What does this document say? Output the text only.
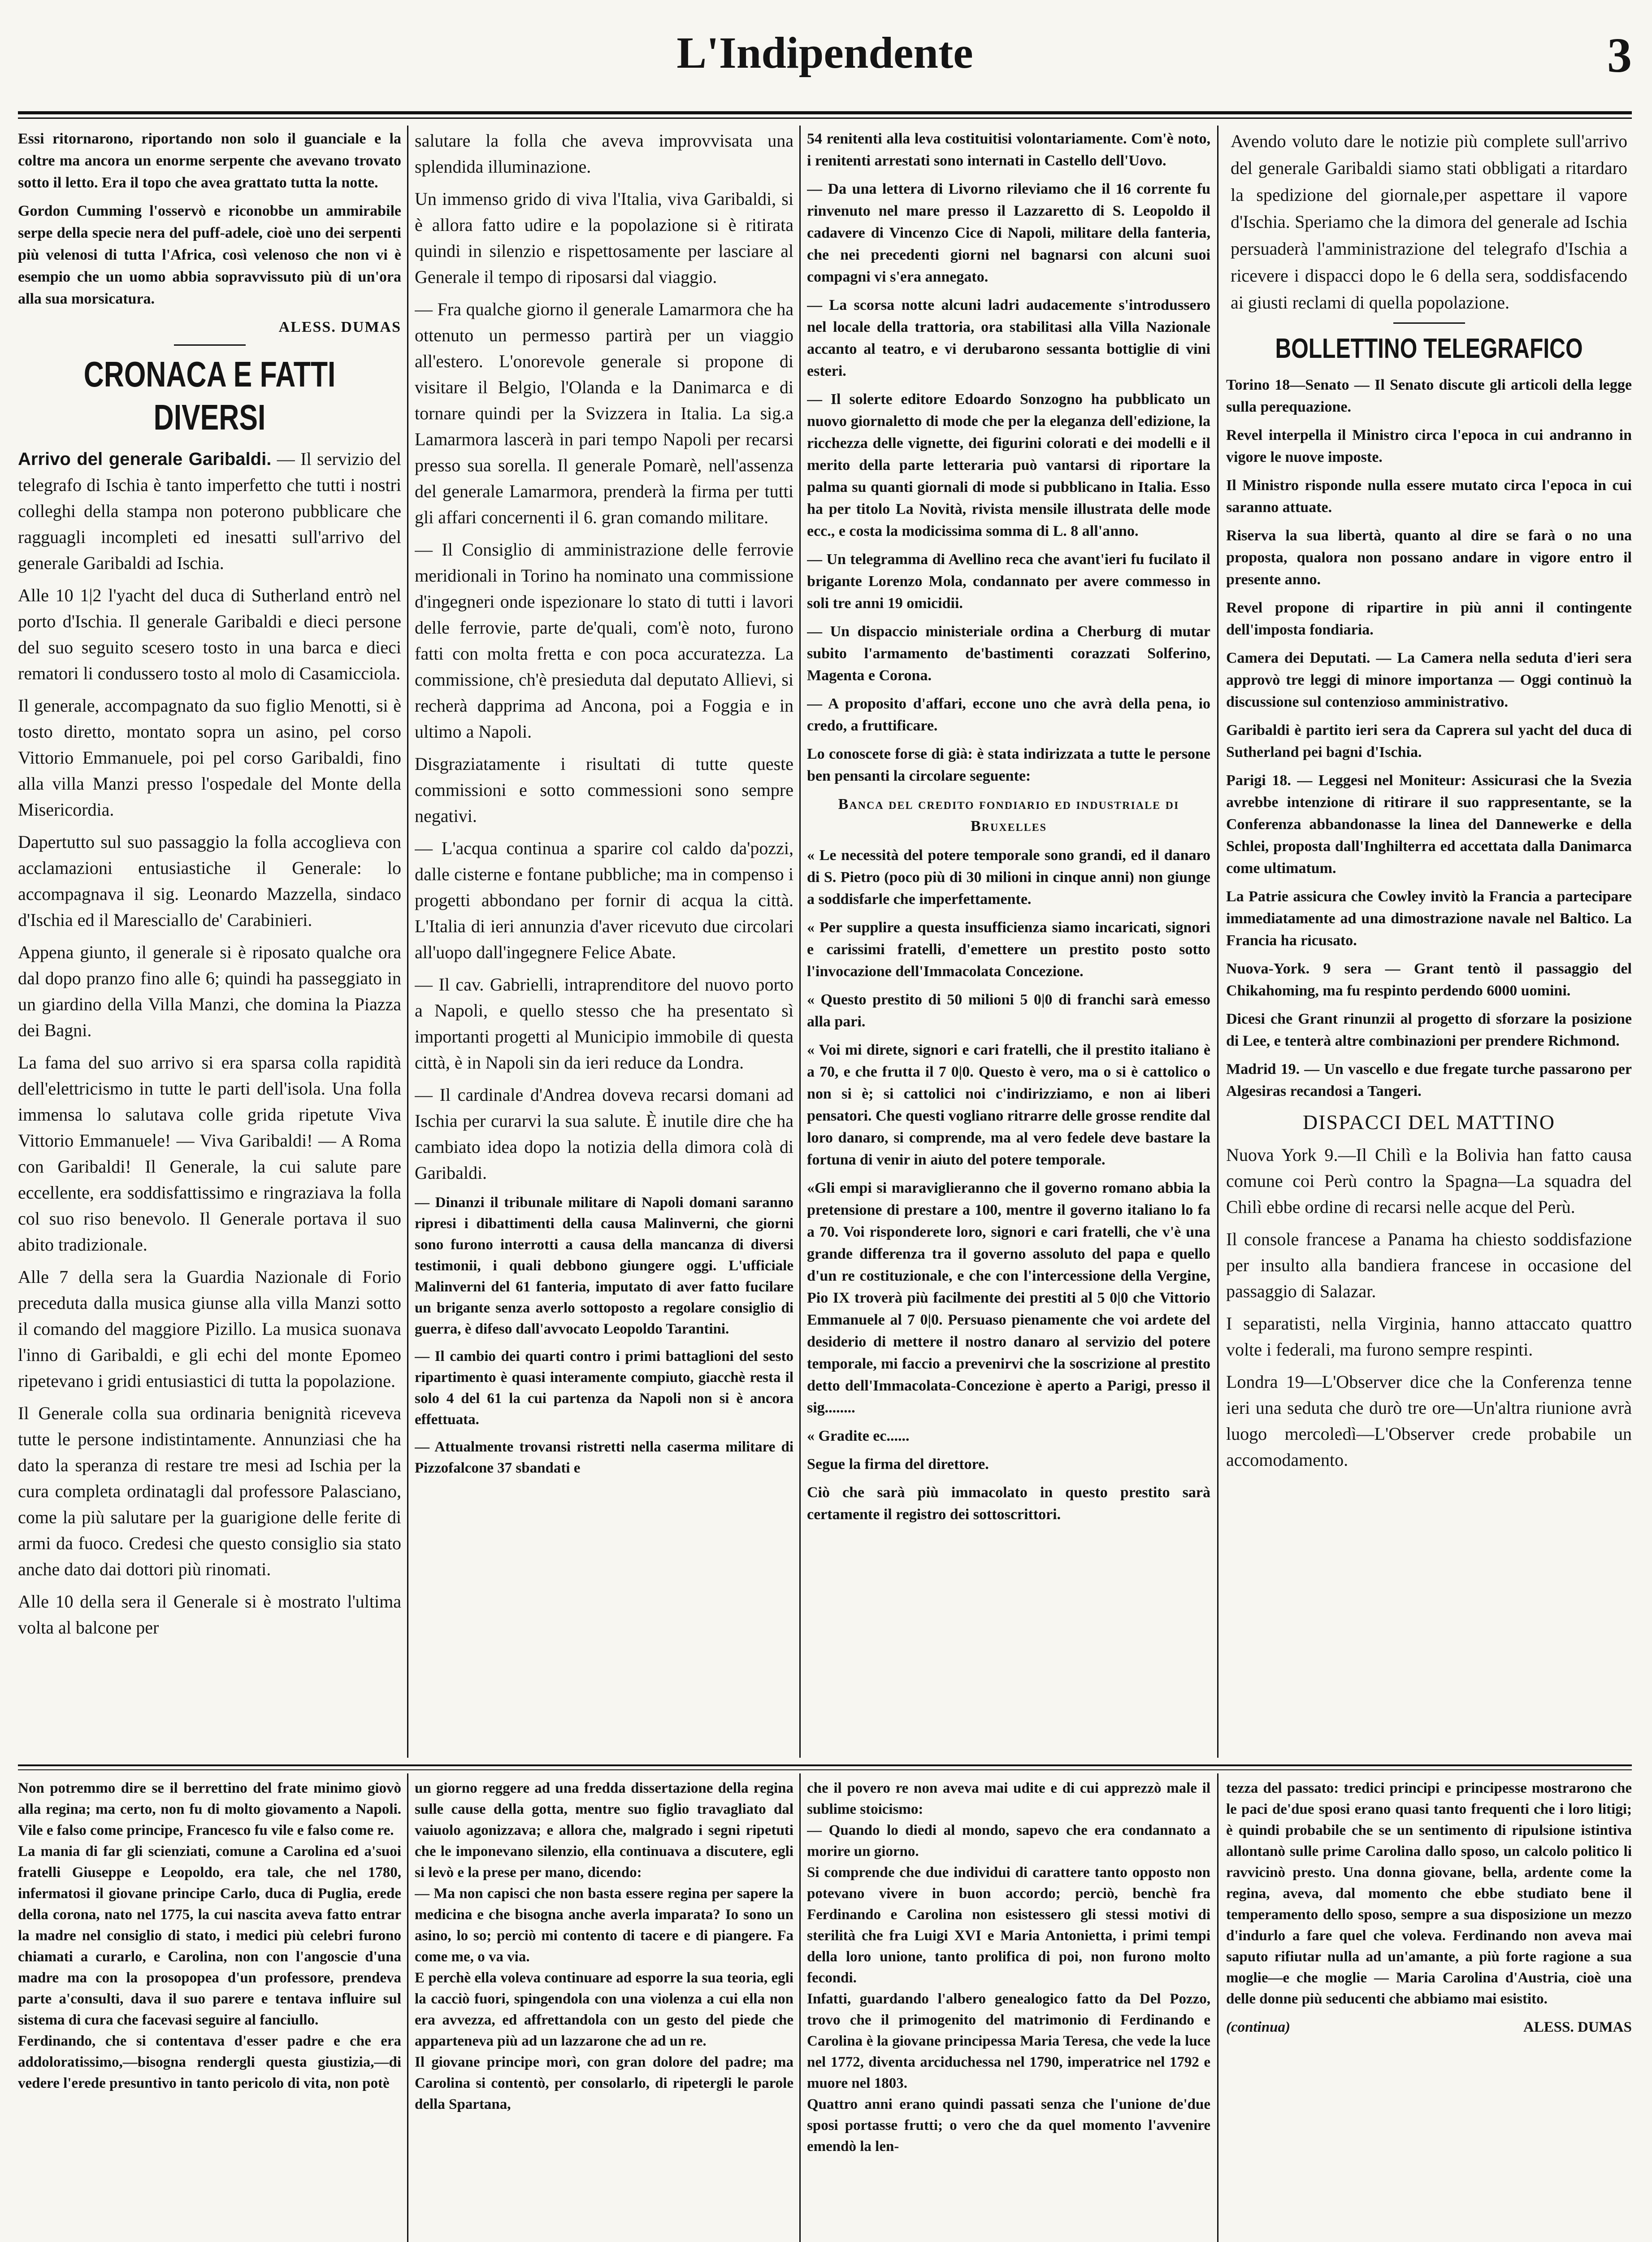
L'Indipendente	3

Essi ritornarono, riportando non solo il guanciale e la coltre ma ancora un enorme serpente che avevano trovato sotto il letto. Era il topo che avea grattato tutta la notte.

Gordon Cumming l'osservò e riconobbe un ammirabile serpe della specie nera del puff-adele, cioè uno dei serpenti più velenosi di tutta l'Africa, così velenoso che non vi è esempio che un uomo abbia sopravvissuto più di un'ora alla sua morsicatura.

ALESS. DUMAS
CRONACA E FATTI DIVERSI

Arrivo del generale Garibaldi. — Il servizio del telegrafo di Ischia è tanto imperfetto che tutti i nostri colleghi della stampa non poterono pubblicare che ragguagli incompleti ed inesatti sull'arrivo del generale Garibaldi ad Ischia.

Alle 10 1|2 l'yacht del duca di Sutherland entrò nel porto d'Ischia. Il generale Garibaldi e dieci persone del suo seguito scesero tosto in una barca e dieci rematori li condussero tosto al molo di Casamicciola.

Il generale, accompagnato da suo figlio Menotti, si è tosto diretto, montato sopra un asino, pel corso Vittorio Emmanuele, poi pel corso Garibaldi, fino alla villa Manzi presso l'ospedale del Monte della Misericordia.

Dapertutto sul suo passaggio la folla accoglieva con acclamazioni entusiastiche il Generale: lo accompagnava il sig. Leonardo Mazzella, sindaco d'Ischia ed il Maresciallo de' Carabinieri.

Appena giunto, il generale si è riposato qualche ora dal dopo pranzo fino alle 6; quindi ha passeggiato in un giardino della Villa Manzi, che domina la Piazza dei Bagni.

La fama del suo arrivo si era sparsa colla rapidità dell'elettricismo in tutte le parti dell'isola. Una folla immensa lo salutava colle grida ripetute Viva Vittorio Emmanuele! — Viva Garibaldi! — A Roma con Garibaldi! Il Generale, la cui salute pare eccellente, era soddisfattissimo e ringraziava la folla col suo riso benevolo. Il Generale portava il suo abito tradizionale.

Alle 7 della sera la Guardia Nazionale di Forio preceduta dalla musica giunse alla villa Manzi sotto il comando del maggiore Pizillo. La musica suonava l'inno di Garibaldi, e gli echi del monte Epomeo ripetevano i gridi entusiastici di tutta la popolazione.

Il Generale colla sua ordinaria benignità riceveva tutte le persone indistintamente. Annunziasi che ha dato la speranza di restare tre mesi ad Ischia per la cura completa ordinatagli dal professore Palasciano, come la più salutare per la guarigione delle ferite di armi da fuoco. Credesi che questo consiglio sia stato anche dato dai dottori più rinomati.

Alle 10 della sera il Generale si è mostrato l'ultima volta al balcone per

salutare la folla che aveva improvvisata una splendida illuminazione.

Un immenso grido di viva l'Italia, viva Garibaldi, si è allora fatto udire e la popolazione si è ritirata quindi in silenzio e rispettosamente per lasciare al Generale il tempo di riposarsi dal viaggio.

— Fra qualche giorno il generale Lamarmora che ha ottenuto un permesso partirà per un viaggio all'estero. L'onorevole generale si propone di visitare il Belgio, l'Olanda e la Danimarca e di tornare quindi per la Svizzera in Italia. La sig.a Lamarmora lascerà in pari tempo Napoli per recarsi presso sua sorella. Il generale Pomarè, nell'assenza del generale Lamarmora, prenderà la firma per tutti gli affari concernenti il 6. gran comando militare.

— Il Consiglio di amministrazione delle ferrovie meridionali in Torino ha nominato una commissione d'ingegneri onde ispezionare lo stato di tutti i lavori delle ferrovie, parte de'quali, com'è noto, furono fatti con molta fretta e con poca accuratezza. La commissione, ch'è presieduta dal deputato Allievi, si recherà dapprima ad Ancona, poi a Foggia e in ultimo a Napoli.

Disgraziatamente i risultati di tutte queste commissioni e sotto commessioni sono sempre negativi.

— L'acqua continua a sparire col caldo da'pozzi, dalle cisterne e fontane pubbliche; ma in compenso i progetti abbondano per fornir di acqua la città. L'Italia di ieri annunzia d'aver ricevuto due circolari all'uopo dall'ingegnere Felice Abate.

— Il cav. Gabrielli, intraprenditore del nuovo porto a Napoli, e quello stesso che ha presentato sì importanti progetti al Municipio immobile di questa città, è in Napoli sin da ieri reduce da Londra.

— Il cardinale d'Andrea doveva recarsi domani ad Ischia per curarvi la sua salute. È inutile dire che ha cambiato idea dopo la notizia della dimora colà di Garibaldi.

— Dinanzi il tribunale militare di Napoli domani saranno ripresi i dibattimenti della causa Malinverni, che giorni sono furono interrotti a causa della mancanza di diversi testimonii, i quali debbono giungere oggi. L'ufficiale Malinverni del 61 fanteria, imputato di aver fatto fucilare un brigante senza averlo sottoposto a regolare consiglio di guerra, è difeso dall'avvocato Leopoldo Tarantini.

— Il cambio dei quarti contro i primi battaglioni del sesto ripartimento è quasi interamente compiuto, giacchè resta il solo 4 del 61 la cui partenza da Napoli non si è ancora effettuata.

— Attualmente trovansi ristretti nella caserma militare di Pizzofalcone 37 sbandati e

54 renitenti alla leva costituitisi volontariamente. Com'è noto, i renitenti arrestati sono internati in Castello dell'Uovo.

— Da una lettera di Livorno rileviamo che il 16 corrente fu rinvenuto nel mare presso il Lazzaretto di S. Leopoldo il cadavere di Vincenzo Cice di Napoli, militare della fanteria, che nei precedenti giorni nel bagnarsi con alcuni suoi compagni vi s'era annegato.

— La scorsa notte alcuni ladri audacemente s'introdussero nel locale della trattoria, ora stabilitasi alla Villa Nazionale accanto al teatro, e vi derubarono sessanta bottiglie di vini esteri.

— Il solerte editore Edoardo Sonzogno ha pubblicato un nuovo giornaletto di mode che per la eleganza dell'edizione, la ricchezza delle vignette, dei figurini colorati e dei modelli e il merito della parte letteraria può vantarsi di riportare la palma su quanti giornali di mode si pubblicano in Italia. Esso ha per titolo La Novità, rivista mensile illustrata delle mode ecc., e costa la modicissima somma di L. 8 all'anno.

— Un telegramma di Avellino reca che avant'ieri fu fucilato il brigante Lorenzo Mola, condannato per avere commesso in soli tre anni 19 omicidii.

— Un dispaccio ministeriale ordina a Cherburg di mutar subito l'armamento de'bastimenti corazzati Solferino, Magenta e Corona.

— A proposito d'affari, eccone uno che avrà della pena, io credo, a fruttificare.

Lo conoscete forse di già: è stata indirizzata a tutte le persone ben pensanti la circolare seguente:

Banca del credito fondiario ed industriale di Bruxelles

« Le necessità del potere temporale sono grandi, ed il danaro di S. Pietro (poco più di 30 milioni in cinque anni) non giunge a soddisfarle che imperfettamente.

« Per supplire a questa insufficienza siamo incaricati, signori e carissimi fratelli, d'emettere un prestito posto sotto l'invocazione dell'Immacolata Concezione.

« Questo prestito di 50 milioni 5 0|0 di franchi sarà emesso alla pari.

« Voi mi direte, signori e cari fratelli, che il prestito italiano è a 70, e che frutta il 7 0|0. Questo è vero, ma o si è cattolico o non si è; si cattolici noi c'indirizziamo, e non ai liberi pensatori. Che questi vogliano ritrarre delle grosse rendite dal loro danaro, si comprende, ma al vero fedele deve bastare la fortuna di venir in aiuto del potere temporale.

«Gli empi si maraviglieranno che il governo romano abbia la pretensione di prestare a 100, mentre il governo italiano lo fa a 70. Voi risponderete loro, signori e cari fratelli, che v'è una grande differenza tra il governo assoluto del papa e quello d'un re costituzionale, e che con l'intercessione della Vergine, Pio IX troverà più facilmente dei prestiti al 5 0|0 che Vittorio Emmanuele al 7 0|0. Persuaso pienamente che voi ardete del desiderio di mettere il nostro danaro al servizio del potere temporale, mi faccio a prevenirvi che la soscrizione al prestito detto dell'Immacolata-Concezione è aperto a Parigi, presso il sig........

« Gradite ec......

Segue la firma del direttore.

Ciò che sarà più immacolato in questo prestito sarà certamente il registro dei sottoscrittori.

Avendo voluto dare le notizie più complete sull'arrivo del generale Garibaldi siamo stati obbligati a ritardaro la spedizione del giornale,per aspettare il vapore d'Ischia. Speriamo che la dimora del generale ad Ischia persuaderà l'amministrazione del telegrafo d'Ischia a ricevere i dispacci dopo le 6 della sera, soddisfacendo ai giusti reclami di quella popolazione.

BOLLETTINO TELEGRAFICO

Torino 18—Senato — Il Senato discute gli articoli della legge sulla perequazione.

Revel interpella il Ministro circa l'epoca in cui andranno in vigore le nuove imposte.

Il Ministro risponde nulla essere mutato circa l'epoca in cui saranno attuate.

Riserva la sua libertà, quanto al dire se farà o no una proposta, qualora non possano andare in vigore entro il presente anno.

Revel propone di ripartire in più anni il contingente dell'imposta fondiaria.

Camera dei Deputati. — La Camera nella seduta d'ieri sera approvò tre leggi di minore importanza — Oggi continuò la discussione sul contenzioso amministrativo.

Garibaldi è partito ieri sera da Caprera sul yacht del duca di Sutherland pei bagni d'Ischia.

Parigi 18. — Leggesi nel Moniteur: Assicurasi che la Svezia avrebbe intenzione di ritirare il suo rappresentante, se la Conferenza abbandonasse la linea del Dannewerke e della Schlei, proposta dall'Inghilterra ed accettata dalla Danimarca come ultimatum.

La Patrie assicura che Cowley invitò la Francia a partecipare immediatamente ad una dimostrazione navale nel Baltico. La Francia ha ricusato.

Nuova-York. 9 sera — Grant tentò il passaggio del Chikahoming, ma fu respinto perdendo 6000 uomini.

Dicesi che Grant rinunzii al progetto di sforzare la posizione di Lee, e tenterà altre combinazioni per prendere Richmond.

Madrid 19. — Un vascello e due fregate turche passarono per Algesiras recandosi a Tangeri.

DISPACCI DEL MATTINO

Nuova York 9.—Il Chilì e la Bolivia han fatto causa comune coi Perù contro la Spagna—La squadra del Chilì ebbe ordine di recarsi nelle acque del Perù.

Il console francese a Panama ha chiesto soddisfazione per insulto alla bandiera francese in occasione del passaggio di Salazar.

I separatisti, nella Virginia, hanno attaccato quattro volte i federali, ma furono sempre respinti.

Londra 19—L'Observer dice che la Conferenza tenne ieri una seduta che durò tre ore—Un'altra riunione avrà luogo mercoledì—L'Observer crede probabile un accomodamento.

Non potremmo dire se il berrettino del frate minimo giovò alla regina; ma certo, non fu di molto giovamento a Napoli. Vile e falso come principe, Francesco fu vile e falso come re.
La mania di far gli scienziati, comune a Carolina ed a'suoi fratelli Giuseppe e Leopoldo, era tale, che nel 1780, infermatosi il giovane principe Carlo, duca di Puglia, erede della corona, nato nel 1775, la cui nascita aveva fatto entrar la madre nel consiglio di stato, i medici più celebri furono chiamati a curarlo, e Carolina, non con l'angoscie d'una madre ma con la prosopopea d'un professore, prendeva parte a'consulti, dava il suo parere e tentava influire sul sistema di cura che facevasi seguire al fanciullo.
Ferdinando, che si contentava d'esser padre e che era addoloratissimo,—bisogna rendergli questa giustizia,—di vedere l'erede presuntivo in tanto pericolo di vita, non potè
un giorno reggere ad una fredda dissertazione della regina sulle cause della gotta, mentre suo figlio travagliato dal vaiuolo agonizzava; e allora che, malgrado i segni ripetuti che le imponevano silenzio, ella continuava a discutere, egli si levò e la prese per mano, dicendo:
— Ma non capisci che non basta essere regina per sapere la medicina e che bisogna anche averla imparata? Io sono un asino, lo so; perciò mi contento di tacere e di piangere. Fa come me, o va via.
E perchè ella voleva continuare ad esporre la sua teoria, egli la cacciò fuori, spingendola con una violenza a cui ella non era avvezza, ed affrettandola con un gesto del piede che apparteneva più ad un lazzarone che ad un re.
Il giovane principe morì, con gran dolore del padre; ma Carolina si contentò, per consolarlo, di ripetergli le parole della Spartana,
che il povero re non aveva mai udite e di cui apprezzò male il sublime stoicismo:
— Quando lo diedi al mondo, sapevo che era condannato a morire un giorno.
Si comprende che due individui di carattere tanto opposto non potevano vivere in buon accordo; perciò, benchè fra Ferdinando e Carolina non esistessero gli stessi motivi di sterilità che fra Luigi XVI e Maria Antonietta, i primi tempi della loro unione, tanto prolifica di poi, non furono molto fecondi.
Infatti, guardando l'albero genealogico fatto da Del Pozzo, trovo che il primogenito del matrimonio di Ferdinando e Carolina è la giovane principessa Maria Teresa, che vede la luce nel 1772, diventa arciduchessa nel 1790, imperatrice nel 1792 e muore nel 1803.
Quattro anni erano quindi passati senza che l'unione de'due sposi portasse frutti; o vero che da quel momento l'avvenire emendò la len-
tezza del passato: tredici principi e principesse mostrarono che le paci de'due sposi erano quasi tanto frequenti che i loro litigi; è quindi probabile che se un sentimento di ripulsione istintiva allontanò sulle prime Carolina dallo sposo, un calcolo politico li ravvicinò presto. Una donna giovane, bella, ardente come la regina, aveva, dal momento che ebbe studiato bene il temperamento dello sposo, sempre a sua disposizione un mezzo d'indurlo a fare quel che voleva. Ferdinando non aveva mai saputo rifiutar nulla ad un'amante, a più forte ragione a sua moglie—e che moglie — Maria Carolina d'Austria, cioè una delle donne più seducenti che abbiamo mai esistito.
(continua)	ALESS. DUMAS
